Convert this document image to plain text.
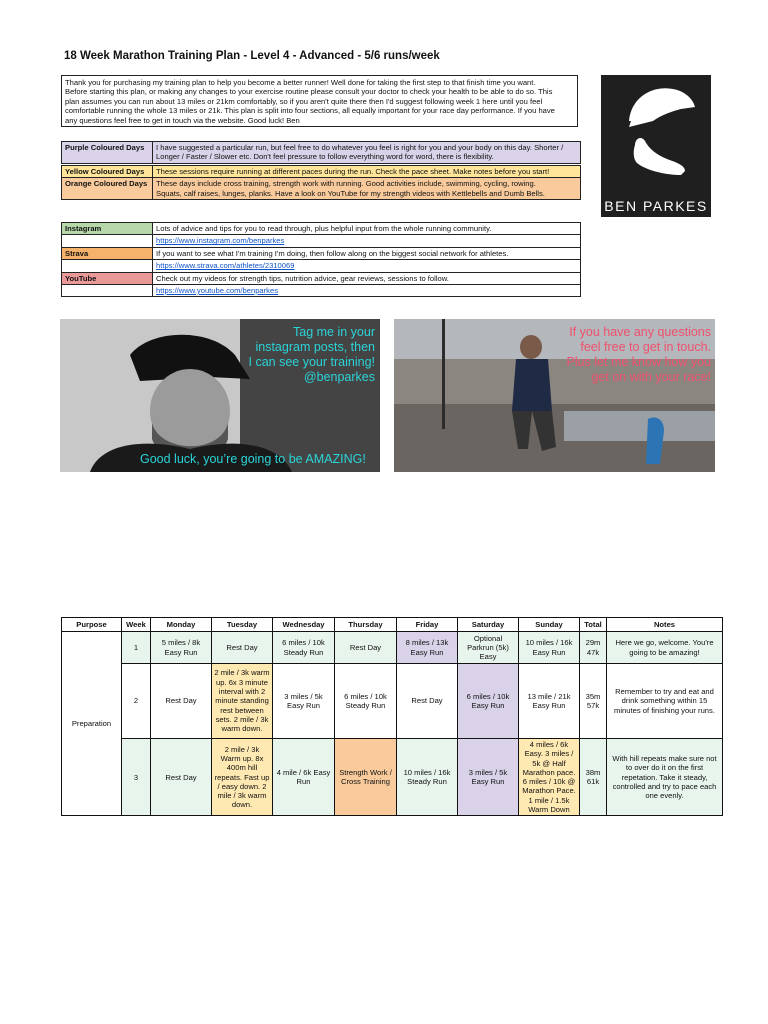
18 Week Marathon Training Plan - Level 4 - Advanced - 5/6 runs/week
Thank you for purchasing my training plan to help you become a better runner! Well done for taking the first step to that finish time you want.
Before starting this plan, or making any changes to your exercise routine please consult your doctor to check your health to be able to do so. This
plan assumes you can run about 13 miles or 21km comfortably, so if you aren't quite there then I'd suggest following week 1 here until you feel
comfortable running the whole 13 miles or 21k. This plan is split into four sections, all equally important for your race day performance. If you have
any questions feel free to get in touch via the website. Good luck! Ben
BEN PARKES
Purple Coloured Days	I have suggested a particular run, but feel free to do whatever you feel is right for you and your body on this day. Shorter / Longer / Faster / Slower etc. Don't feel pressure to follow everything word for word, there is flexibility.
Yellow Coloured Days	These sessions require running at different paces during the run. Check the pace sheet. Make notes before you start!
Orange Coloured Days	These days include cross training, strength work with running. Good activities include, swimming, cycling, rowing.
Squats, calf raises, lunges, planks. Have a look on YouTube for my strength videos with Kettlebells and Dumb Bells.
Instagram	Lots of advice and tips for you to read through, plus helpful input from the whole running community.
	https://www.instagram.com/benparkes
Strava	If you want to see what I'm training I'm doing, then follow along on the biggest social network for athletes.
	https://www.strava.com/athletes/2310069
YouTube	Check out my videos for strength tips, nutrition advice, gear reviews, sessions to follow.
	https://www.youtube.com/benparkes
Tag me in your
instagram posts, then
I can see your training!
@benparkes
Good luck, you’re going to be AMAZING!
If you have any questions
feel free to get in touch.
Plus let me know how you
get on with your race!
Purpose	Week	Monday	Tuesday	Wednesday	Thursday	Friday	Saturday	Sunday	Total	Notes
Preparation	1	5 miles / 8k Easy Run	Rest Day	6 miles / 10k Steady Run	Rest Day	8 miles / 13k Easy Run	Optional Parkrun (5k) Easy	10 miles / 16k Easy Run	29m 47k	Here we go, welcome. You're going to be amazing!
	2	Rest Day	2 mile / 3k warm up. 6x 3 minute interval with 2 minute standing rest between sets. 2 mile / 3k warm down.	3 miles / 5k Easy Run	6 miles / 10k Steady Run	Rest Day	6 miles / 10k Easy Run	13 mile / 21k Easy Run	35m 57k	Remember to try and eat and drink something within 15 minutes of finishing your runs.
	3	Rest Day	2 mile / 3k Warm up. 8x 400m hill repeats. Fast up / easy down. 2 mile / 3k warm down.	4 mile / 6k Easy Run	Strength Work / Cross Training	10 miles / 16k Steady Run	3 miles / 5k Easy Run	4 miles / 6k Easy. 3 miles / 5k @ Half Marathon pace. 6 miles / 10k @ Marathon Pace. 1 mile / 1.5k Warm Down	38m 61k	With hill repeats make sure not to over do it on the first repetation. Take it steady, controlled and try to pace each one evenly.
